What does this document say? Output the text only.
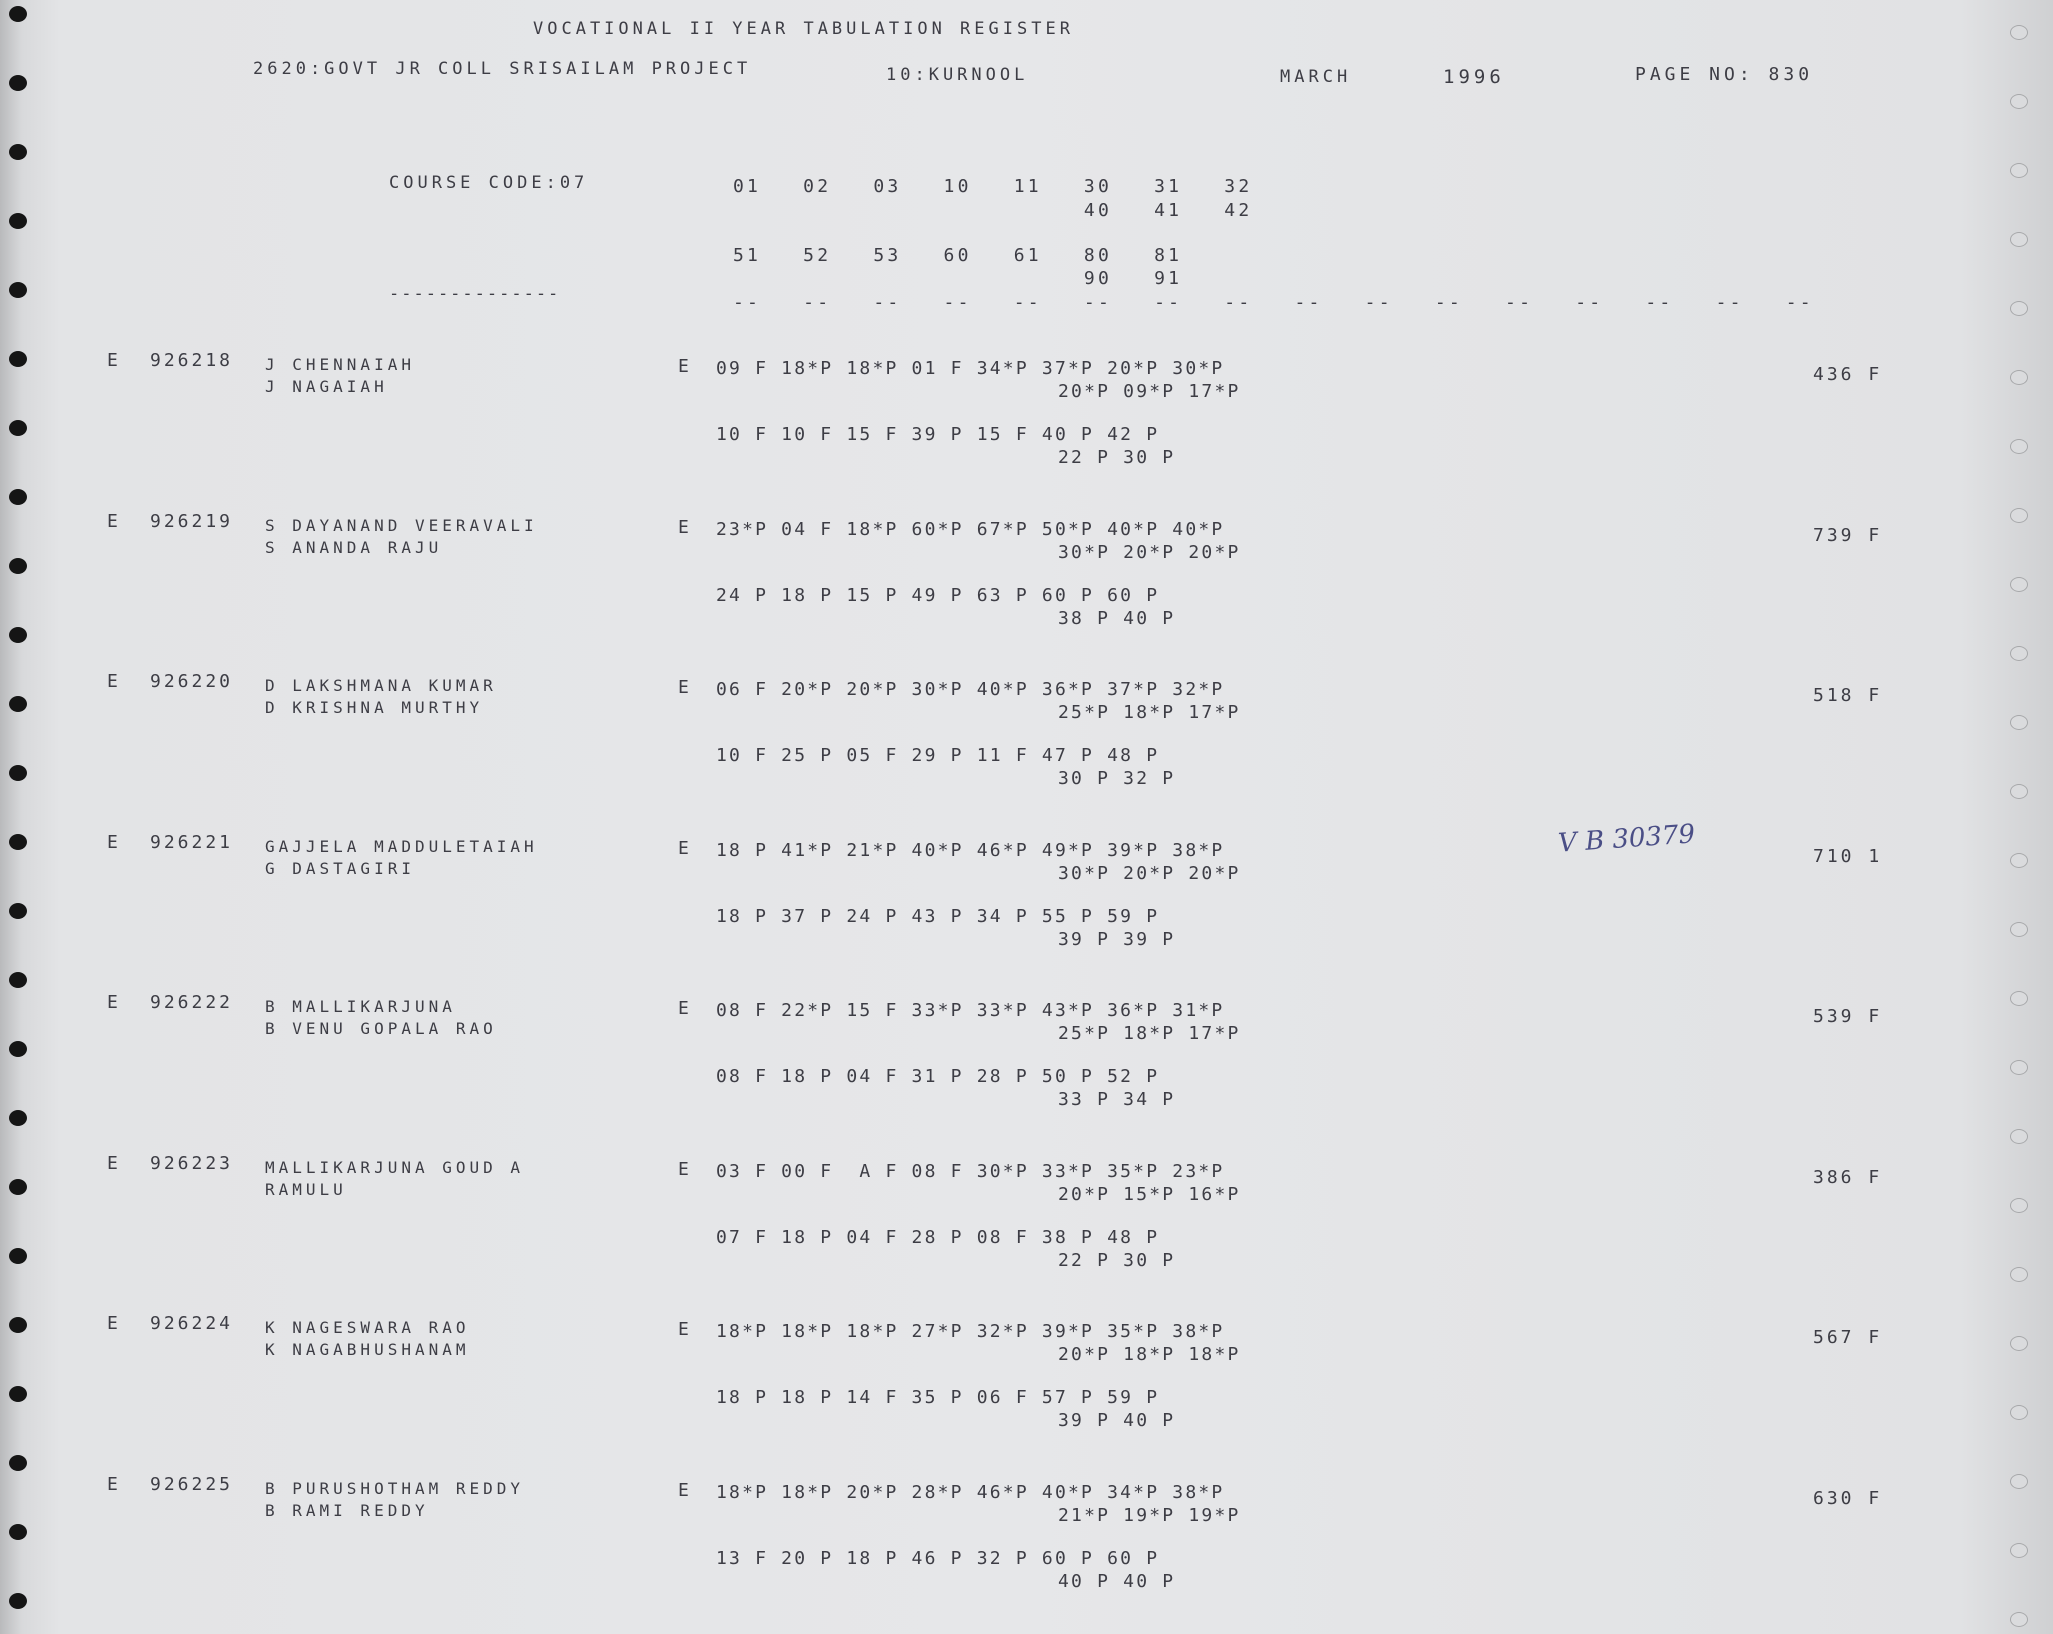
VOCATIONAL II YEAR TABULATION REGISTER
2620:GOVT JR COLL SRISAILAM PROJECT	10:KURNOOL	MARCH	1996	PAGE NO: 830
COURSE CODE:07
--------------
01   02   03   10   11   30   31   32
40   41   42
51   52   53   60   61   80   81
90   91
--   --   --   --   --   --   --   --   --   --   --   --   --   --   --   --
E 926218 J CHENNAIAH
J NAGAIAH
E 09 F 18*P 18*P 01 F 34*P 37*P 20*P 30*P
20*P 09*P 17*P
10 F 10 F 15 F 39 P 15 F 40 P 42 P
22 P 30 P
436 F
E 926219 S DAYANAND VEERAVALI
S ANANDA RAJU
E 23*P 04 F 18*P 60*P 67*P 50*P 40*P 40*P
30*P 20*P 20*P
24 P 18 P 15 P 49 P 63 P 60 P 60 P
38 P 40 P
739 F
E 926220 D LAKSHMANA KUMAR
D KRISHNA MURTHY
E 06 F 20*P 20*P 30*P 40*P 36*P 37*P 32*P
25*P 18*P 17*P
10 F 25 P 05 F 29 P 11 F 47 P 48 P
30 P 32 P
518 F
E 926221 GAJJELA MADDULETAIAH
G DASTAGIRI
E 18 P 41*P 21*P 40*P 46*P 49*P 39*P 38*P
30*P 20*P 20*P
18 P 37 P 24 P 43 P 34 P 55 P 59 P
39 P 39 P
710 1
E 926222 B MALLIKARJUNA
B VENU GOPALA RAO
E 08 F 22*P 15 F 33*P 33*P 43*P 36*P 31*P
25*P 18*P 17*P
08 F 18 P 04 F 31 P 28 P 50 P 52 P
33 P 34 P
539 F
E 926223 MALLIKARJUNA GOUD A
RAMULU
E 03 F 00 F  A F 08 F 30*P 33*P 35*P 23*P
20*P 15*P 16*P
07 F 18 P 04 F 28 P 08 F 38 P 48 P
22 P 30 P
386 F
E 926224 K NAGESWARA RAO
K NAGABHUSHANAM
E 18*P 18*P 18*P 27*P 32*P 39*P 35*P 38*P
20*P 18*P 18*P
18 P 18 P 14 F 35 P 06 F 57 P 59 P
39 P 40 P
567 F
E 926225 B PURUSHOTHAM REDDY
B RAMI REDDY
E 18*P 18*P 20*P 28*P 46*P 40*P 34*P 38*P
21*P 19*P 19*P
13 F 20 P 18 P 46 P 32 P 60 P 60 P
40 P 40 P
630 F
V B 30379
